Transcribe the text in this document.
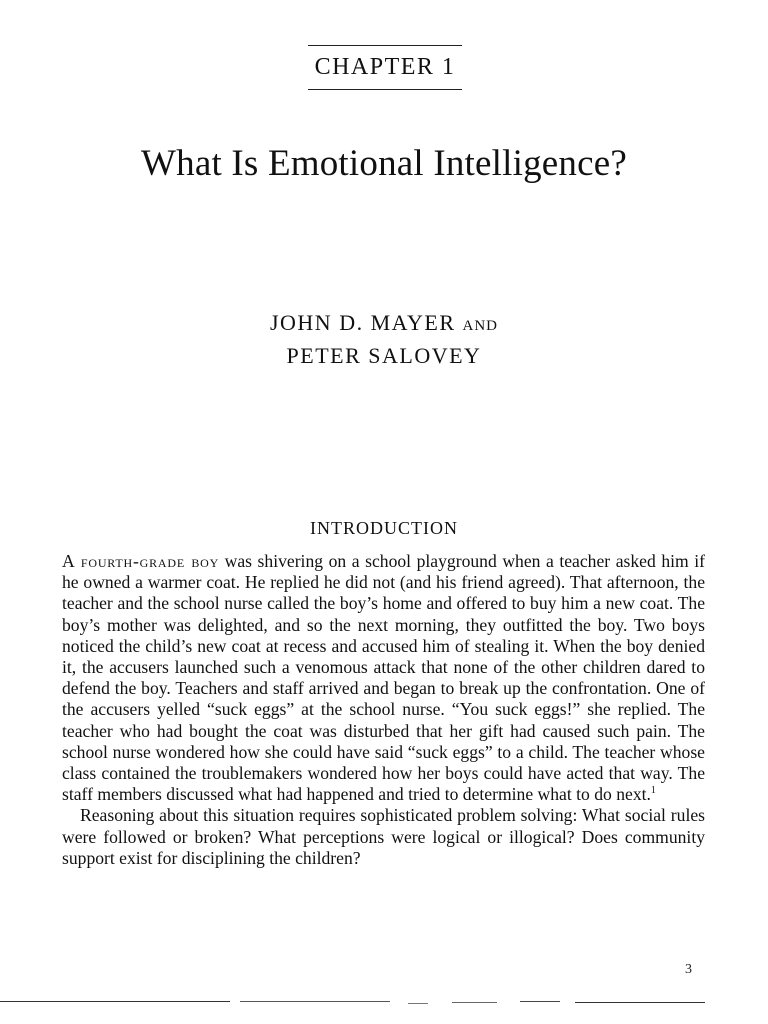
CHAPTER 1
What Is Emotional Intelligence?
JOHN D. MAYER AND
PETER SALOVEY
INTRODUCTION

A fourth-grade boy was shivering on a school playground when a teacher asked him if he owned a warmer coat. He replied he did not (and his friend agreed). That afternoon, the teacher and the school nurse called the boy’s home and offered to buy him a new coat. The boy’s mother was delighted, and so the next morning, they outfitted the boy. Two boys noticed the child’s new coat at recess and accused him of stealing it. When the boy denied it, the accusers launched such a venomous attack that none of the other children dared to defend the boy. Teachers and staff arrived and began to break up the confrontation. One of the accusers yelled “suck eggs” at the school nurse. “You suck eggs!” she replied. The teacher who had bought the coat was disturbed that her gift had caused such pain. The school nurse wondered how she could have said “suck eggs” to a child. The teacher whose class contained the troublemakers wondered how her boys could have acted that way. The staff members discussed what had happened and tried to determine what to do next.$^1$

Reasoning about this situation requires sophisticated problem solving: What social rules were followed or broken? What perceptions were logical or illogical? Does community support exist for disciplining the children?

3
